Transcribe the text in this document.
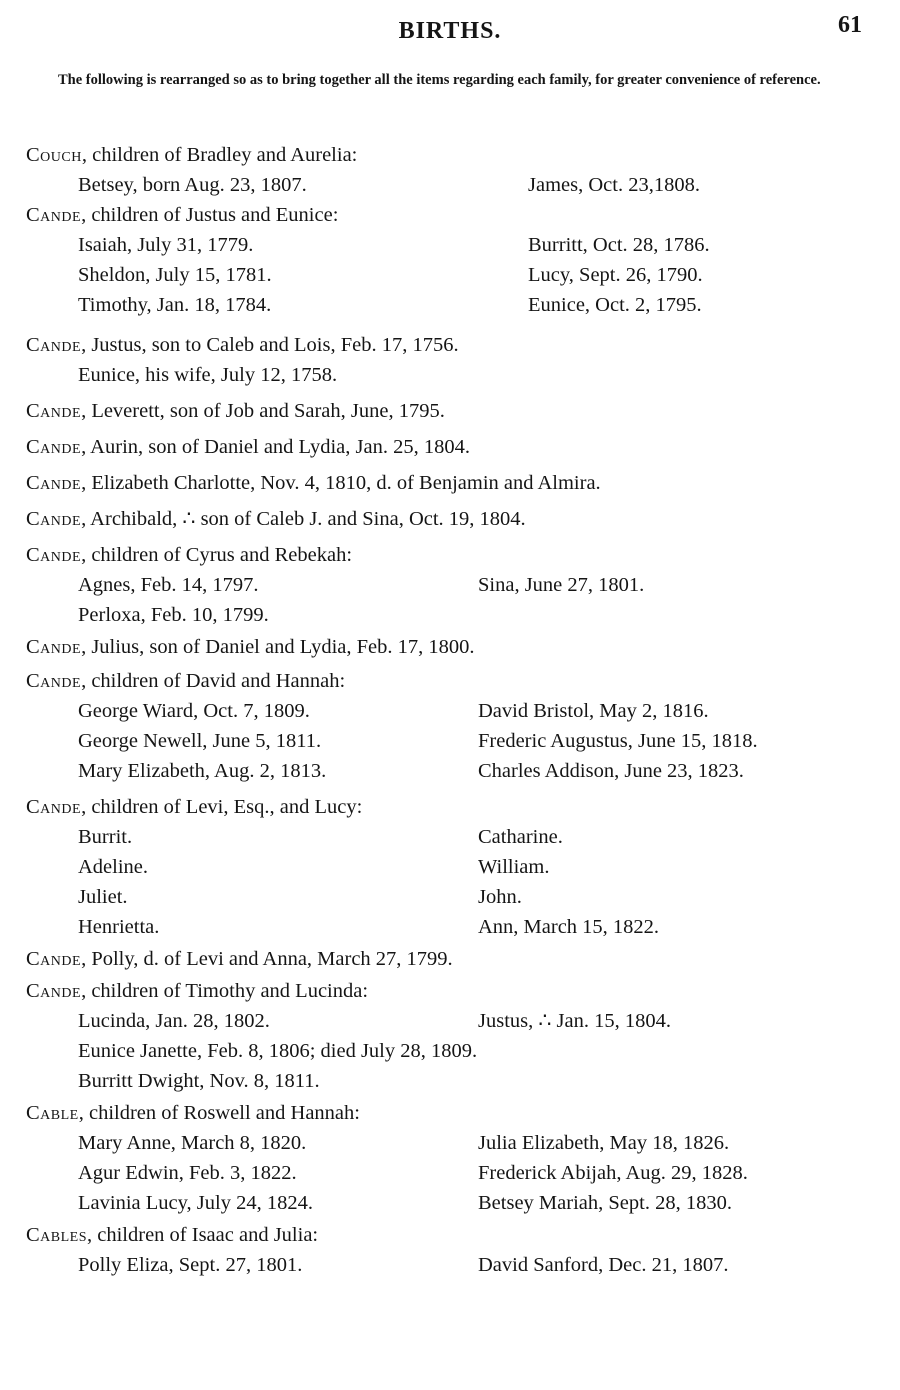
BIRTHS.	61
The following is rearranged so as to bring together all the items regarding each family, for greater convenience of reference.
Couch, children of Bradley and Aurelia:
Betsey, born Aug. 23, 1807.	James, Oct. 23,1808.
Cande, children of Justus and Eunice:
Isaiah, July 31, 1779.	Burritt, Oct. 28, 1786.
Sheldon, July 15, 1781.	Lucy, Sept. 26, 1790.
Timothy, Jan. 18, 1784.	Eunice, Oct. 2, 1795.
Cande, Justus, son to Caleb and Lois, Feb. 17, 1756.
Eunice, his wife, July 12, 1758.
Cande, Leverett, son of Job and Sarah, June, 1795.
Cande, Aurin, son of Daniel and Lydia, Jan. 25, 1804.
Cande, Elizabeth Charlotte, Nov. 4, 1810, d. of Benjamin and Almira.
Cande, Archibald, ∴ son of Caleb J. and Sina, Oct. 19, 1804.
Cande, children of Cyrus and Rebekah:
Agnes, Feb. 14, 1797.	Sina, June 27, 1801.
Perloxa, Feb. 10, 1799.
Cande, Julius, son of Daniel and Lydia, Feb. 17, 1800.
Cande, children of David and Hannah:
George Wiard, Oct. 7, 1809.	David Bristol, May 2, 1816.
George Newell, June 5, 1811.	Frederic Augustus, June 15, 1818.
Mary Elizabeth, Aug. 2, 1813.	Charles Addison, June 23, 1823.
Cande, children of Levi, Esq., and Lucy:
Burrit.	Catharine.
Adeline.	William.
Juliet.	John.
Henrietta.	Ann, March 15, 1822.
Cande, Polly, d. of Levi and Anna, March 27, 1799.
Cande, children of Timothy and Lucinda:
Lucinda, Jan. 28, 1802.	Justus, ∴ Jan. 15, 1804.
Eunice Janette, Feb. 8, 1806; died July 28, 1809.
Burritt Dwight, Nov. 8, 1811.
Cable, children of Roswell and Hannah:
Mary Anne, March 8, 1820.	Julia Elizabeth, May 18, 1826.
Agur Edwin, Feb. 3, 1822.	Frederick Abijah, Aug. 29, 1828.
Lavinia Lucy, July 24, 1824.	Betsey Mariah, Sept. 28, 1830.
Cables, children of Isaac and Julia:
Polly Eliza, Sept. 27, 1801.	David Sanford, Dec. 21, 1807.
